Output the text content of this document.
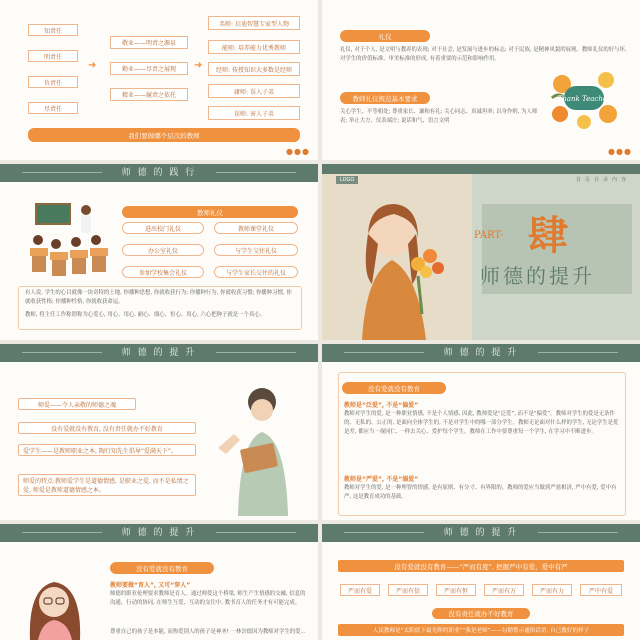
知责任
明责任
负责任
尽责任
➜
敬业——明责之源泉
勤业——尽责之展现
精业——履责之依托
➜
名师: 启迪智慧专家型人物
能师: 培养能力优秀教师
经师: 传授知识大多数是经师
庸师: 误人子弟
误师: 害人子弟
我们要做哪个层次的教师
●●●
礼仪
礼仪, 对于个人, 是文明与教养的表现; 对于社会, 是发展与进步的标志; 对于民族, 是精神风貌的展现。教师礼仪的好与坏, 对学生的价值标准、审美标准的形成, 有着重要的示范和影响作用。
教师礼仪规范基本要求
关心学生、平等相处; 尊重家长、谦和有礼; 关心同志、真诚坦率; 以身作则, 为人师表; 举止大方、仪表端庄; 说话和气、语言文明
Thank Teacher
●●●
师 德 的 践 行
教师礼仪
进出校门礼仪	教师课堂礼仪
办公室礼仪	与学生交往礼仪
参加学校集会礼仪	与学生家长交往的礼仪
有人说, 学生的心目就像一块奇特的土地, 你播种思想, 你就收获行为; 你播种行为, 你就收获习惯; 你播种习惯, 你就收获性格; 你播种性格, 你就收获命运。
教师, 将主任工作称谓称为心爱心, 用心、用心, 耐心、细心、恒心、用心, 六心把种子就是一个真心。
LOGO	首 页 目 录 内 容
PART- 肆
师德的提升
师 德 的 提 升
师爱——令人亲敬的师德之魂
没有爱就没有教育, 没有责任就办不好教育
爱学生——是教师职业之本, 陶行知先生倡导“爱满天下”。
师爱的特点:教师爱学生是道德情感, 是职业之爱, 而不是私情之爱, 师爱是教师道德情感之本。
师 德 的 提 升
没有爱就没有教育
教师是“泛爱”, 不是“偏爱”
教师对学生的爱, 是一种职业情感, 不是个人情感, 因此, 教师爱是“泛爱”, 而不是“偏爱”。教师对学生的爱是无条件的、无私的、公正的, 是面向全体学生的, 不是对学生中的哪一部分学生。教师无论面对什么样的学生, 无论学生是优是差, 都应当一视同仁, 一样去关心、爱护每个学生。教师在工作中要尊重每一个学生, 在学习中不断进步。
教师是“严爱”, 不是“溺爱”
教师对学生的爱, 是一种理智的情感, 是有原则、有分寸、有界限的。教师的爱应当做到严慈相济, 严中有爱, 爱中有严, 这是教育成功的基础。
师 德 的 提 升
没有爱就没有教育
教师要做“育人”, 又可“穿人”
师德的职业伦理要求教师是育人。通过师爱这个桥梁, 师生产生情感的交融, 信息的沟通、行动的协同, 在师生互爱、互动的交往中, 教书育人的任务才有可能完成。
尊重自己的孩子是本能, 而热爱别人的孩子是神圣! 一林崇德因为教师对学生的爱...
师 德 的 提 升
没有爱就没有教育——“严而有度”, 把握严中有爱、爱中有严
严而有爱	严而有信	严而有恒	严而有方	严而有力	严中有爱
没有责任就办不好教育
人民教师是“太阳底下最光辉的职业”“我是老师”——勾勒警示通俗话语, 自己教好的样子
